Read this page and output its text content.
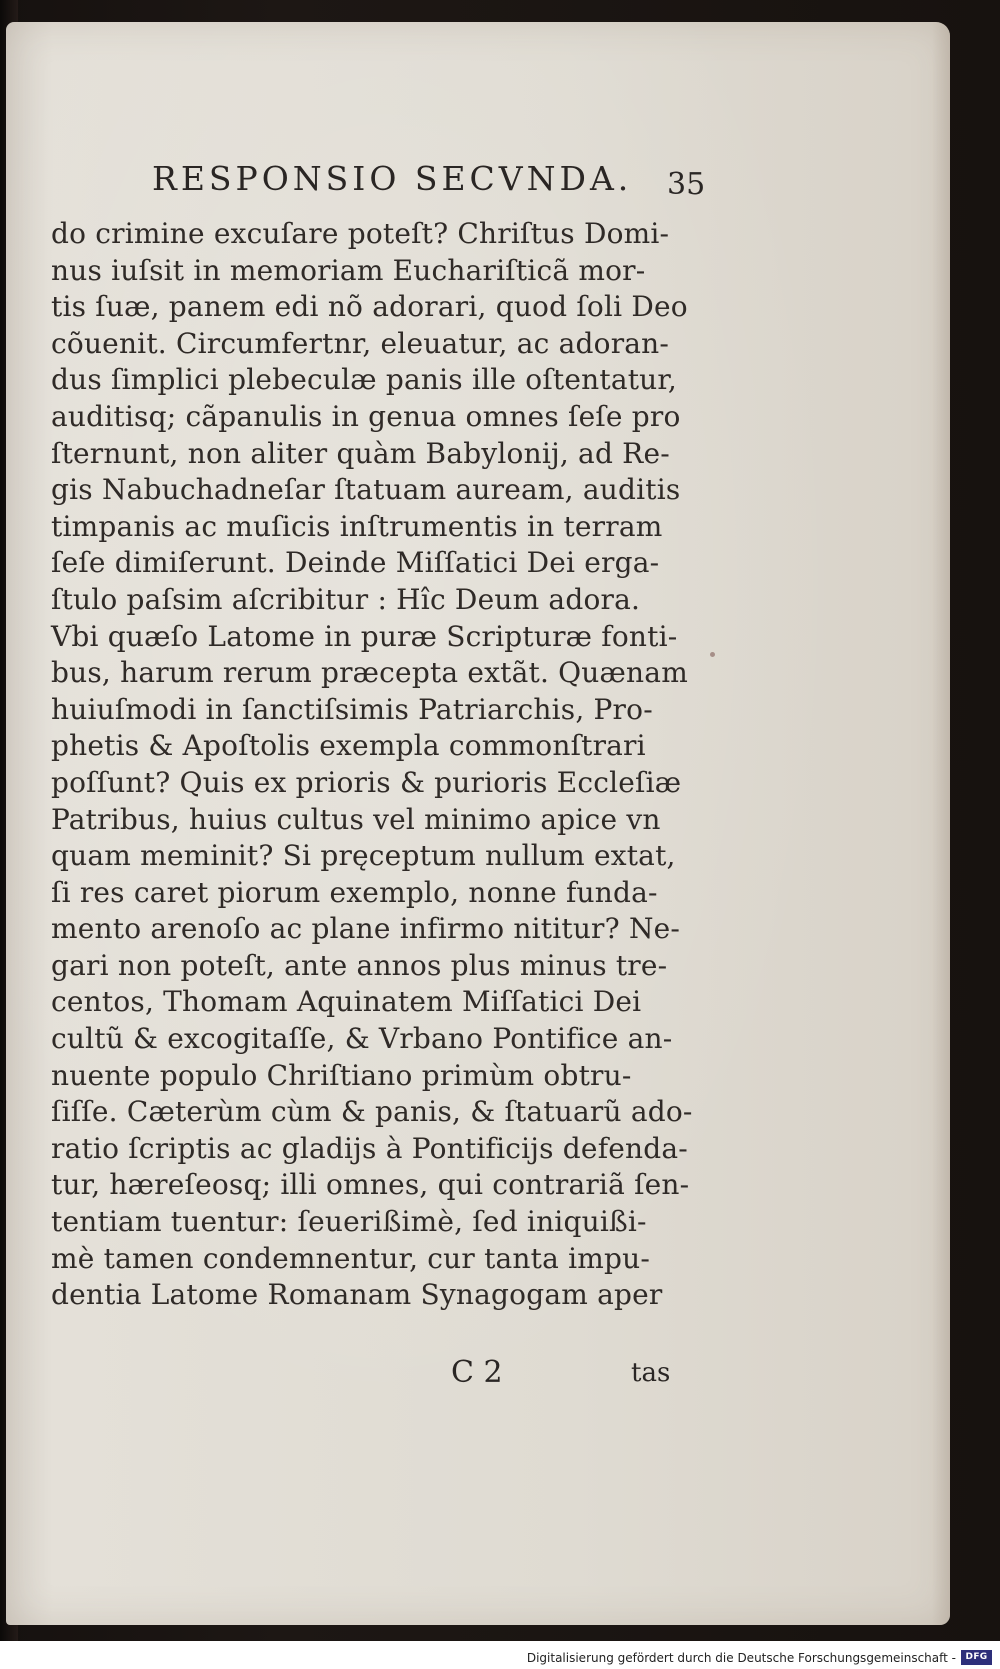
RESPONSIO SECVNDA. 35
do crimine excuſare poteſt? Chriſtus Domi-
nus iuſsit in memoriam Euchariſticã mor-
tis ſuæ, panem edi nõ adorari, quod ſoli Deo
cõuenit. Circumfertnr, eleuatur, ac adoran-
dus ſimplici plebeculæ panis ille oſtentatur,
auditisq; cãpanulis in genua omnes ſeſe pro
ſternunt, non aliter quàm Babylonij, ad Re-
gis Nabuchadneſar ſtatuam auream, auditis
timpanis ac muſicis inſtrumentis in terram
ſeſe dimiſerunt. Deinde Miſſatici Dei erga-
ſtulo paſsim aſcribitur : Hîc Deum adora.
Vbi quæſo Latome in puræ Scripturæ fonti-
bus, harum rerum præcepta extãt. Quænam
huiuſmodi in ſanctiſsimis Patriarchis, Pro-
phetis & Apoſtolis exempla commonſtrari
poſſunt? Quis ex prioris & purioris Eccleſiæ
Patribus, huius cultus vel minimo apice vn
quam meminit? Si pręceptum nullum extat,
ſi res caret piorum exemplo, nonne funda-
mento arenoſo ac plane infirmo nititur? Ne-
gari non poteſt, ante annos plus minus tre-
centos, Thomam Aquinatem Miſſatici Dei
cultũ & excogitaſſe, & Vrbano Pontifice an-
nuente populo Chriſtiano primùm obtru-
ſiſſe. Cæterùm cùm & panis, & ſtatuarũ ado-
ratio ſcriptis ac gladijs à Pontificijs defenda-
tur, hæreſeosq; illi omnes, qui contrariã ſen-
tentiam tuentur: ſeuerißimè, ſed iniquißi-
mè tamen condemnentur, cur tanta impu-
dentia Latome Romanam Synagogam aper
C 2	tas
Digitalisierung gefördert durch die Deutsche Forschungsgemeinschaft -	DFG
